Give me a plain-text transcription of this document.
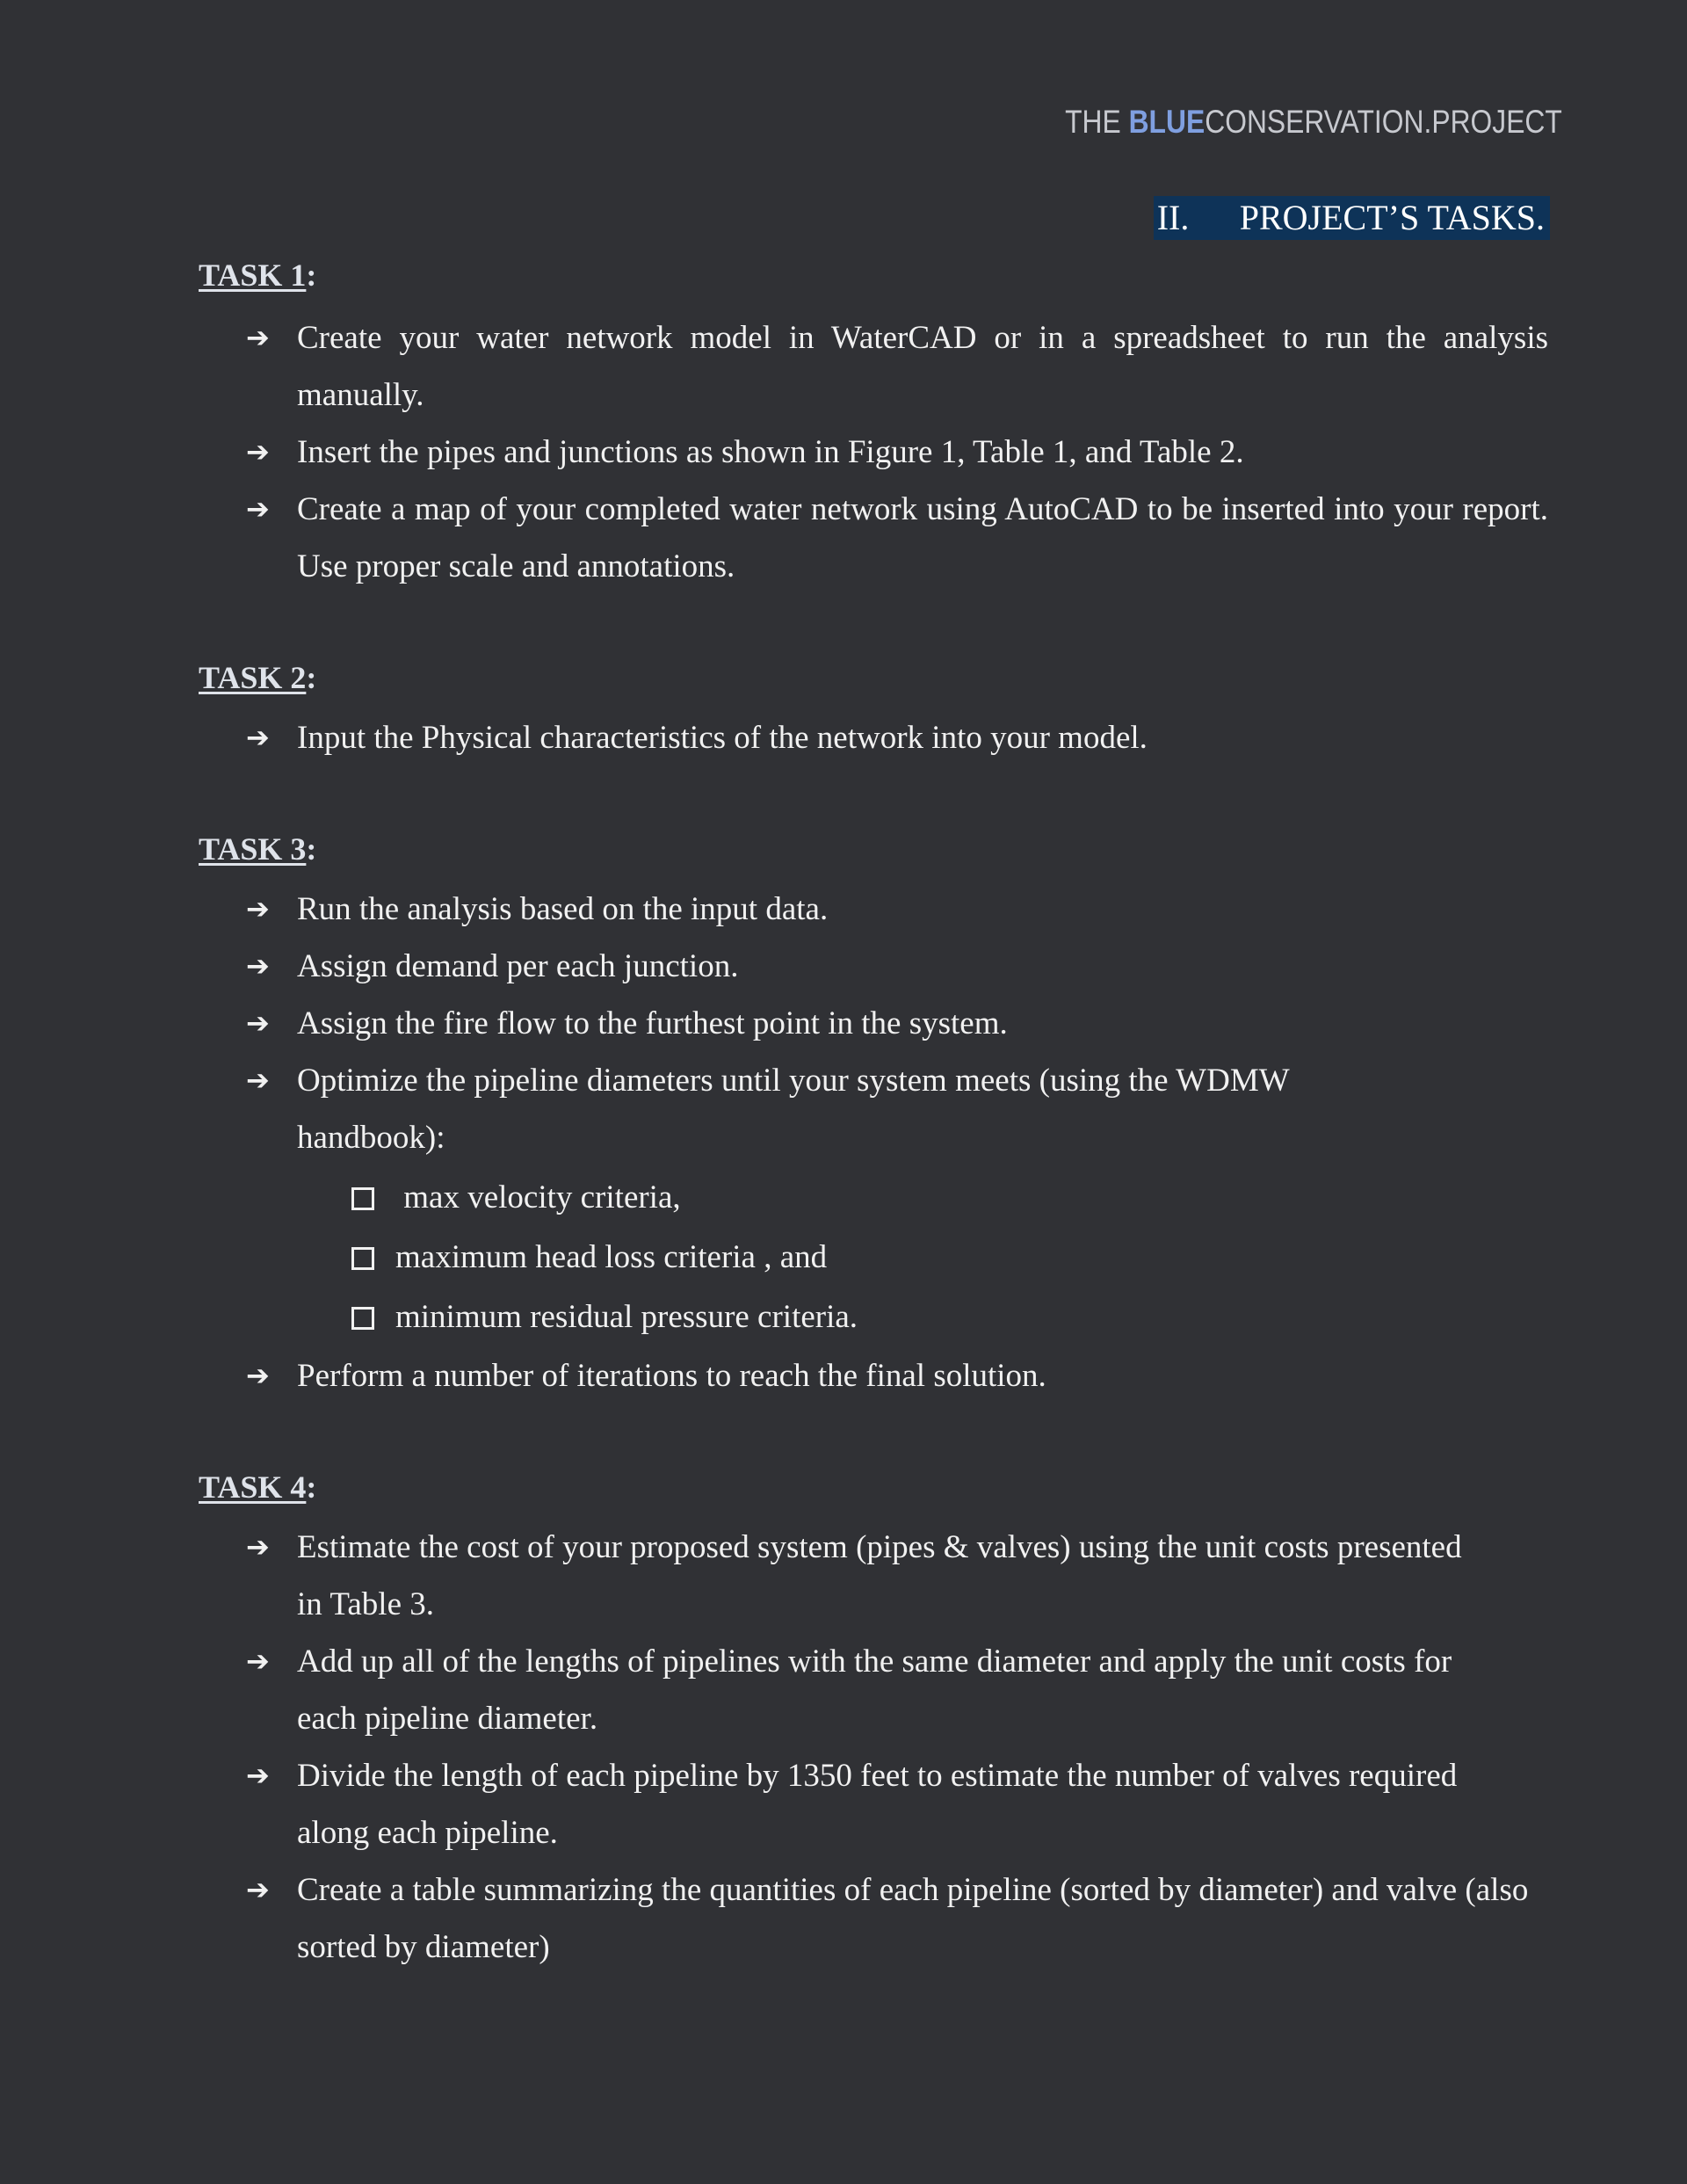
THE BLUECONSERVATION.PROJECT
II. PROJECT’S TASKS.
TASK 1:
➔ Create your water network model in WaterCAD or in a spreadsheet to run the analysis manually.
➔ Insert the pipes and junctions as shown in Figure 1, Table 1, and Table 2.
➔ Create a map of your completed water network using AutoCAD to be inserted into your report. Use proper scale and annotations.
TASK 2:
➔ Input the Physical characteristics of the network into your model.
TASK 3:
➔ Run the analysis based on the input data.
➔ Assign demand per each junction.
➔ Assign the fire flow to the furthest point in the system.
➔ Optimize the pipeline diameters until your system meets (using the WDMW handbook):
max velocity criteria,
maximum head loss criteria , and
minimum residual pressure criteria.
➔ Perform a number of iterations to reach the final solution.
TASK 4:
➔ Estimate the cost of your proposed system (pipes & valves) using the unit costs presented in Table 3.
➔ Add up all of the lengths of pipelines with the same diameter and apply the unit costs for each pipeline diameter.
➔ Divide the length of each pipeline by 1350 feet to estimate the number of valves required along each pipeline.
➔ Create a table summarizing the quantities of each pipeline (sorted by diameter) and valve (also sorted by diameter)
